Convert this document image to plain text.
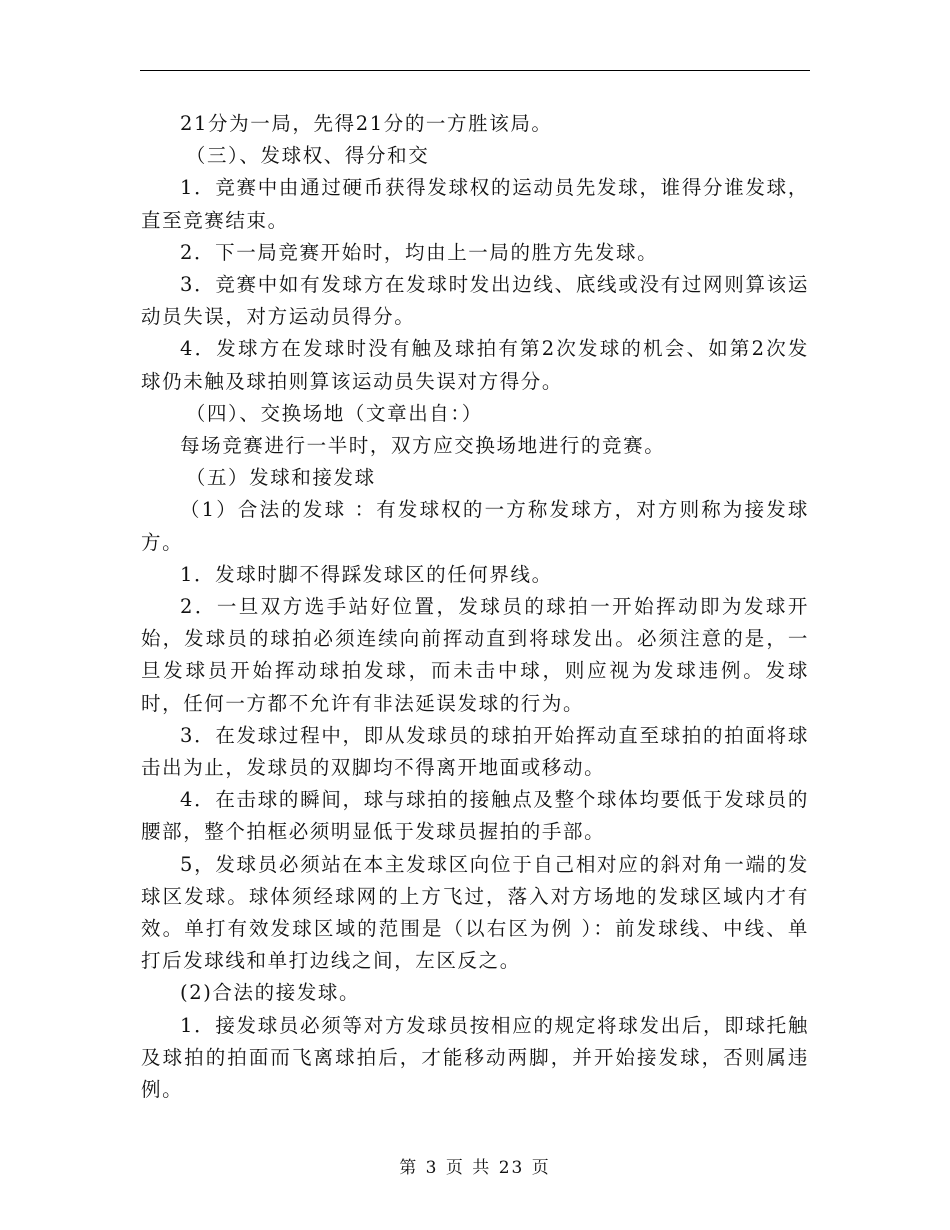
21分为一局，先得21分的一方胜该局。

（三）、发球权、得分和交

1．竞赛中由通过硬币获得发球权的运动员先发球，谁得分谁发球，直至竞赛结束。

2．下一局竞赛开始时，均由上一局的胜方先发球。

3．竞赛中如有发球方在发球时发出边线、底线或没有过网则算该运动员失误，对方运动员得分。

4．发球方在发球时没有触及球拍有第2次发球的机会、如第2次发球仍未触及球拍则算该运动员失误对方得分。

（四）、交换场地（文章出自：）

每场竞赛进行一半时，双方应交换场地进行的竞赛。

（五）发球和接发球

（1）合法的发球 ：有发球权的一方称发球方，对方则称为接发球方。

1．发球时脚不得踩发球区的任何界线。

2．一旦双方选手站好位置，发球员的球拍一开始挥动即为发球开始，发球员的球拍必须连续向前挥动直到将球发出。必须注意的是，一旦发球员开始挥动球拍发球，而未击中球，则应视为发球违例。发球时，任何一方都不允许有非法延误发球的行为。

3．在发球过程中，即从发球员的球拍开始挥动直至球拍的拍面将球击出为止，发球员的双脚均不得离开地面或移动。

4．在击球的瞬间，球与球拍的接触点及整个球体均要低于发球员的腰部，整个拍框必须明显低于发球员握拍的手部。

5，发球员必须站在本主发球区向位于自己相对应的斜对角一端的发球区发球。球体须经球网的上方飞过，落入对方场地的发球区域内才有效。单打有效发球区域的范围是（以右区为例 ）：前发球线、中线、单打后发球线和单打边线之间，左区反之。

(2)合法的接发球。

1．接发球员必须等对方发球员按相应的规定将球发出后，即球托触及球拍的拍面而飞离球拍后，才能移动两脚，并开始接发球，否则属违例。

第 3 页 共 23 页
